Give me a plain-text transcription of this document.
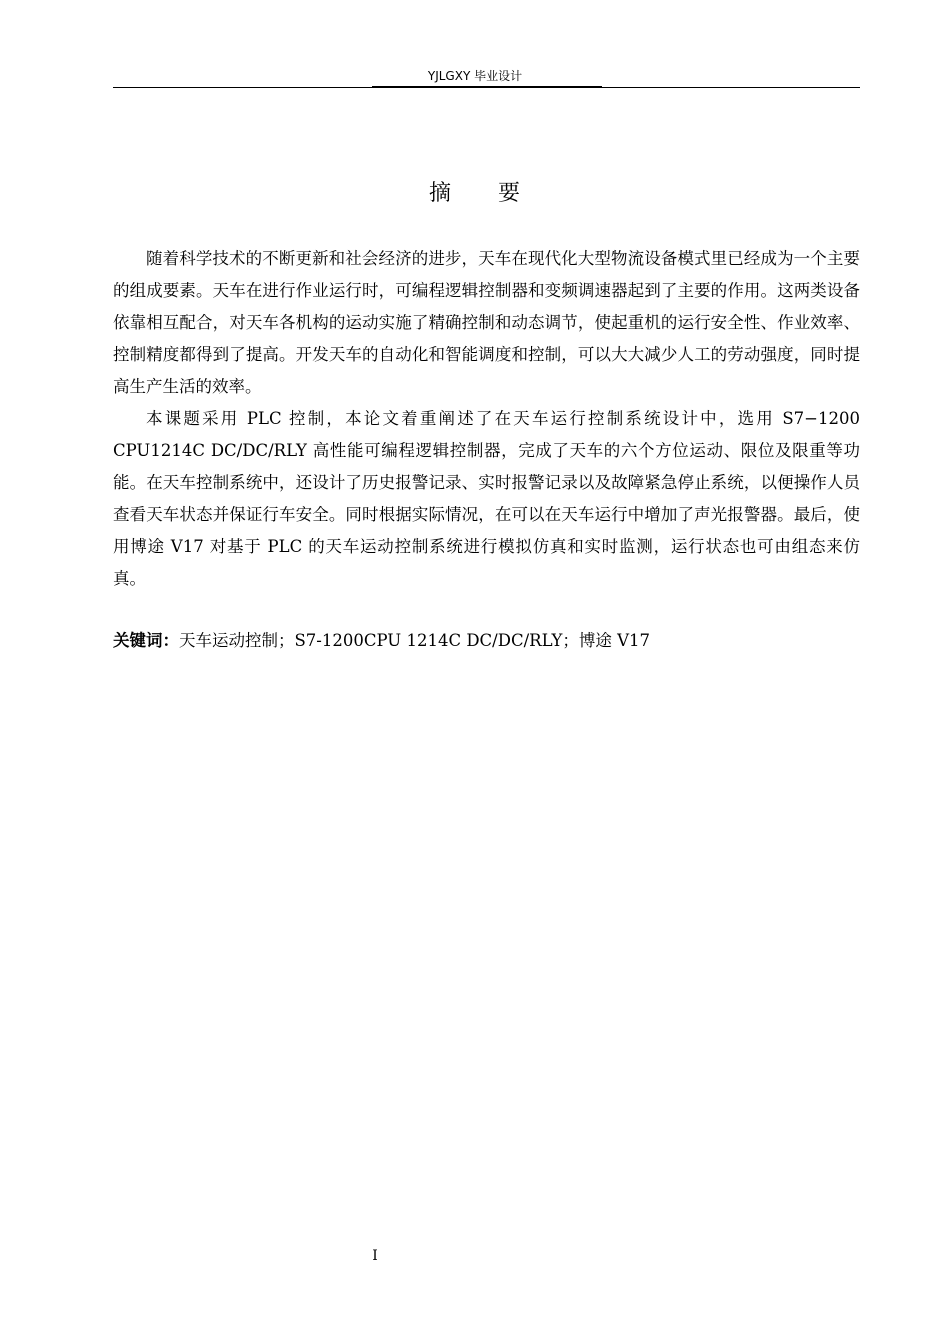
YJLGXY 毕业设计
摘 要

随着科学技术的不断更新和社会经济的进步，天车在现代化大型物流设备模式里已经成为一个主要的组成要素。天车在进行作业运行时，可编程逻辑控制器和变频调速器起到了主要的作用。这两类设备依靠相互配合，对天车各机构的运动实施了精确控制和动态调节，使起重机的运行安全性、作业效率、控制精度都得到了提高。开发天车的自动化和智能调度和控制，可以大大减少人工的劳动强度，同时提高生产生活的效率。

本课题采用 PLC 控制，本论文着重阐述了在天车运行控制系统设计中，选用 S7−1200 CPU1214C DC/DC/RLY 高性能可编程逻辑控制器，完成了天车的六个方位运动、限位及限重等功能。在天车控制系统中，还设计了历史报警记录、实时报警记录以及故障紧急停止系统，以便操作人员查看天车状态并保证行车安全。同时根据实际情况，在可以在天车运行中增加了声光报警器。最后，使用博途 V17 对基于 PLC 的天车运动控制系统进行模拟仿真和实时监测，运行状态也可由组态来仿真。

关键词：天车运动控制；S7-1200CPU 1214C DC/DC/RLY；博途 V17
I
